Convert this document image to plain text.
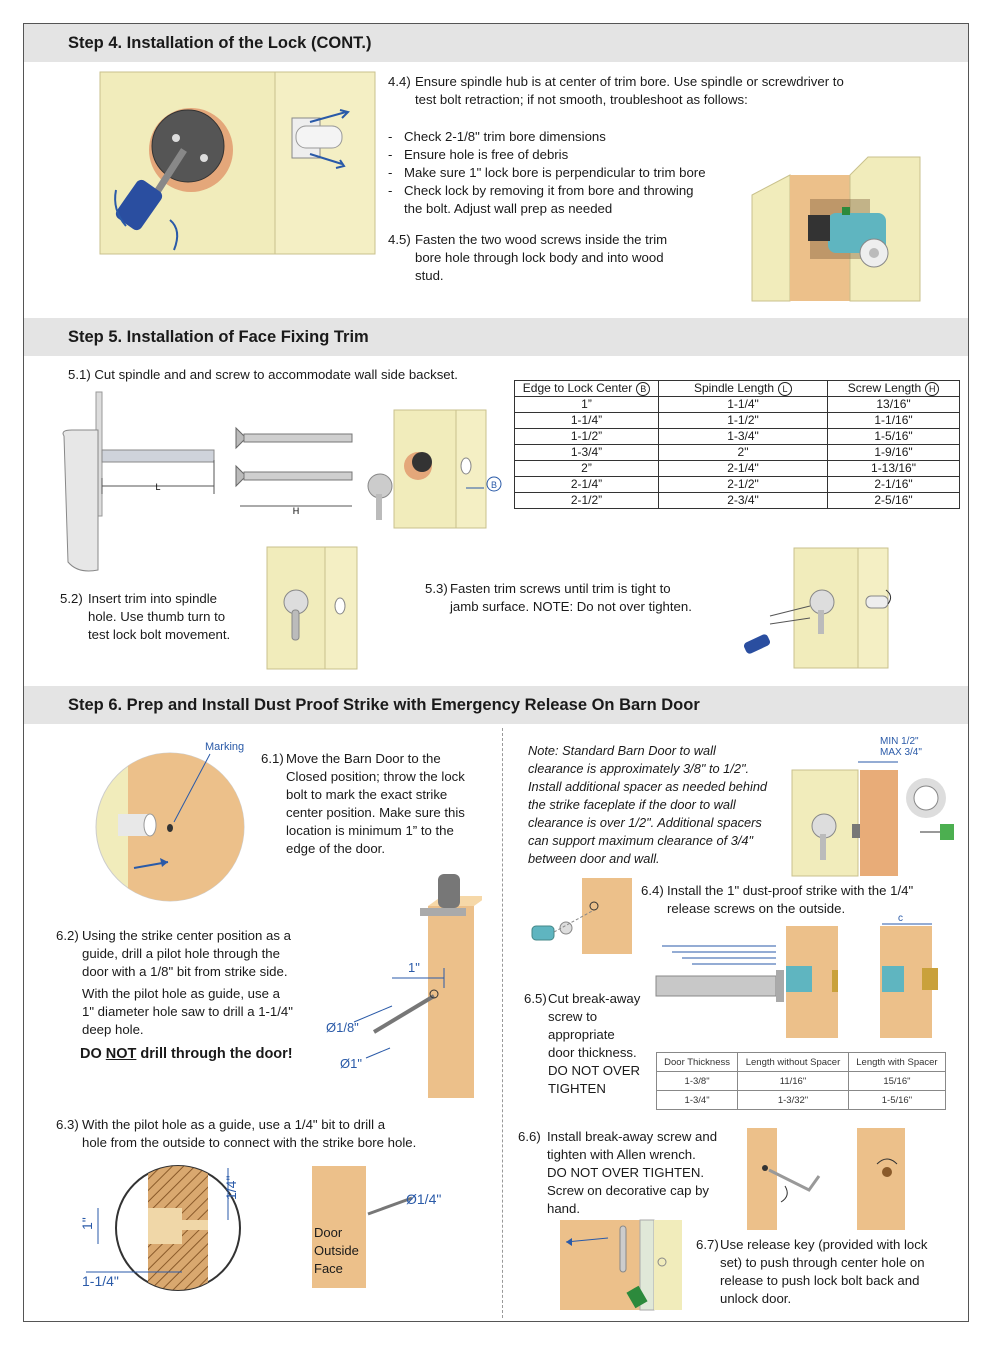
Step 4. Installation of the Lock (CONT.)
4.4) Ensure spindle hub is at center of trim bore. Use spindle or screwdriver to
test bolt retraction; if not smooth, troubleshoot as follows:
- Check 2-1/8" trim bore dimensions
- Ensure hole is free of debris
- Make sure 1" lock bore is perpendicular to trim bore
- Check lock by removing it from bore and throwing
the bolt. Adjust wall prep as needed
4.5) Fasten the two wood screws inside the trim
bore hole through lock body and into wood
stud.
Step 5. Installation of Face Fixing Trim
5.1) Cut spindle and and screw to accommodate wall side backset.
L
H
B
Edge to Lock Center B	Spindle Length L	Screw Length H
1”	1-1/4"	13/16"
1-1/4”	1-1/2"	1-1/16"
1-1/2”	1-3/4"	1-5/16"
1-3/4”	2"	1-9/16"
2”	2-1/4"	1-13/16"
2-1/4”	2-1/2"	2-1/16"
2-1/2”	2-3/4"	2-5/16"
5.2) Insert trim into spindle
hole. Use thumb turn to
test lock bolt movement.
5.3) Fasten trim screws until trim is tight to
jamb surface. NOTE: Do not over tighten.
Step 6. Prep and Install Dust Proof Strike with Emergency Release On Barn Door
Marking
6.1) Move the Barn Door to the
Closed position; throw the lock
bolt to mark the exact strike
center position. Make sure this
location is minimum 1” to the
edge of the door.
6.2) Using the strike center position as a
guide, drill a pilot hole through the
door with a 1/8" bit from strike side.
With the pilot hole as guide, use a
1" diameter hole saw to drill a 1-1/4"
deep hole.
DO NOT drill through the door!
1"
Ø1/8"
Ø1"
6.3) With the pilot hole as a guide, use a 1/4" bit to drill a
hole from the outside to connect with the strike bore hole.
1"
1/4"
1-1/4"
Ø1/4"
Door
Outside
Face
Note: Standard Barn Door to wall
clearance is approximately 3/8" to 1/2".
Install additional spacer as needed behind
the strike faceplate if the door to wall
clearance is over 1/2". Additional spacers
can support maximum clearance of 3/4"
between door and wall.
MIN 1/2"
MAX 3/4"
6.4) Install the 1" dust-proof strike with the 1/4"
release screws on the outside.
c
6.5) Cut break-away
screw to
appropriate
door thickness.
DO NOT OVER
TIGHTEN
Door Thickness	Length without Spacer	Length with Spacer
1-3/8"	11/16"	15/16"
1-3/4"	1-3/32"	1-5/16"
6.6) Install break-away screw and
tighten with Allen wrench.
DO NOT OVER TIGHTEN.
Screw on decorative cap by
hand.
6.7) Use release key (provided with lock
set) to push through center hole on
release to push lock bolt back and
unlock door.
